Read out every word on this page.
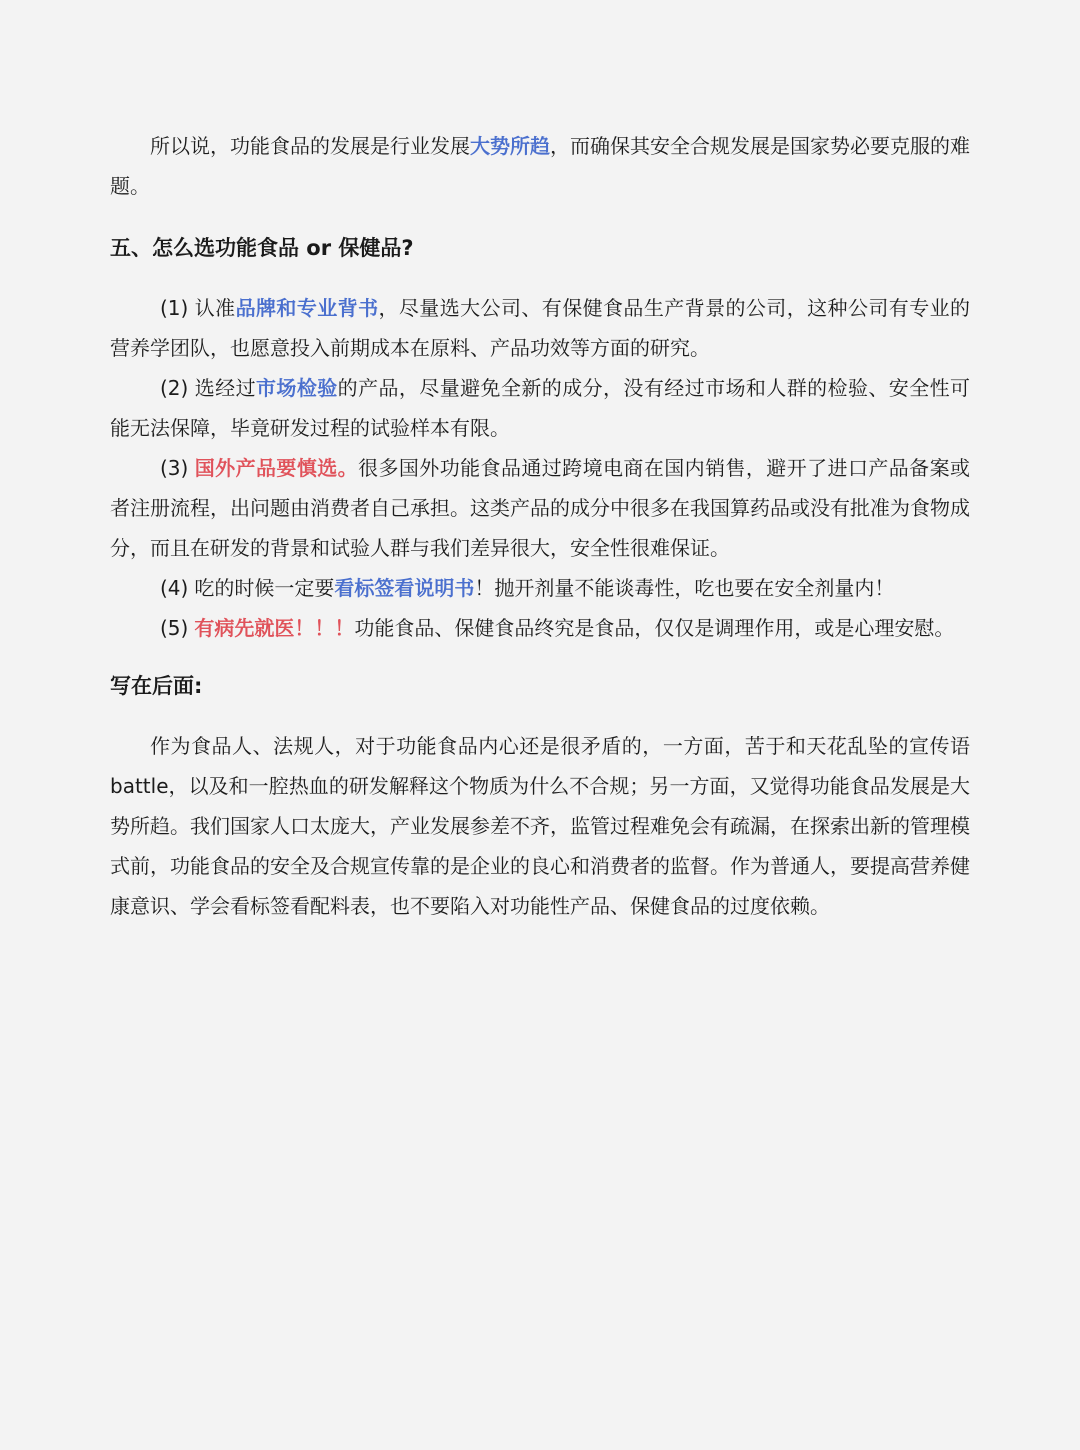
所以说，功能食品的发展是行业发展大势所趋，而确保其安全合规发展是国家势必要克服的难题。

五、怎么选功能食品 or 保健品?

(1) 认准品牌和专业背书，尽量选大公司、有保健食品生产背景的公司，这种公司有专业的营养学团队，也愿意投入前期成本在原料、产品功效等方面的研究。

(2) 选经过市场检验的产品，尽量避免全新的成分，没有经过市场和人群的检验、安全性可能无法保障，毕竟研发过程的试验样本有限。

(3) 国外产品要慎选。很多国外功能食品通过跨境电商在国内销售，避开了进口产品备案或者注册流程，出问题由消费者自己承担。这类产品的成分中很多在我国算药品或没有批准为食物成分，而且在研发的背景和试验人群与我们差异很大，安全性很难保证。

(4) 吃的时候一定要看标签看说明书！抛开剂量不能谈毒性，吃也要在安全剂量内！

(5) 有病先就医！！！功能食品、保健食品终究是食品，仅仅是调理作用，或是心理安慰。

写在后面:

作为食品人、法规人，对于功能食品内心还是很矛盾的，一方面，苦于和天花乱坠的宣传语 battle，以及和一腔热血的研发解释这个物质为什么不合规；另一方面，又觉得功能食品发展是大势所趋。我们国家人口太庞大，产业发展参差不齐，监管过程难免会有疏漏，在探索出新的管理模式前，功能食品的安全及合规宣传靠的是企业的良心和消费者的监督。作为普通人，要提高营养健康意识、学会看标签看配料表，也不要陷入对功能性产品、保健食品的过度依赖。
